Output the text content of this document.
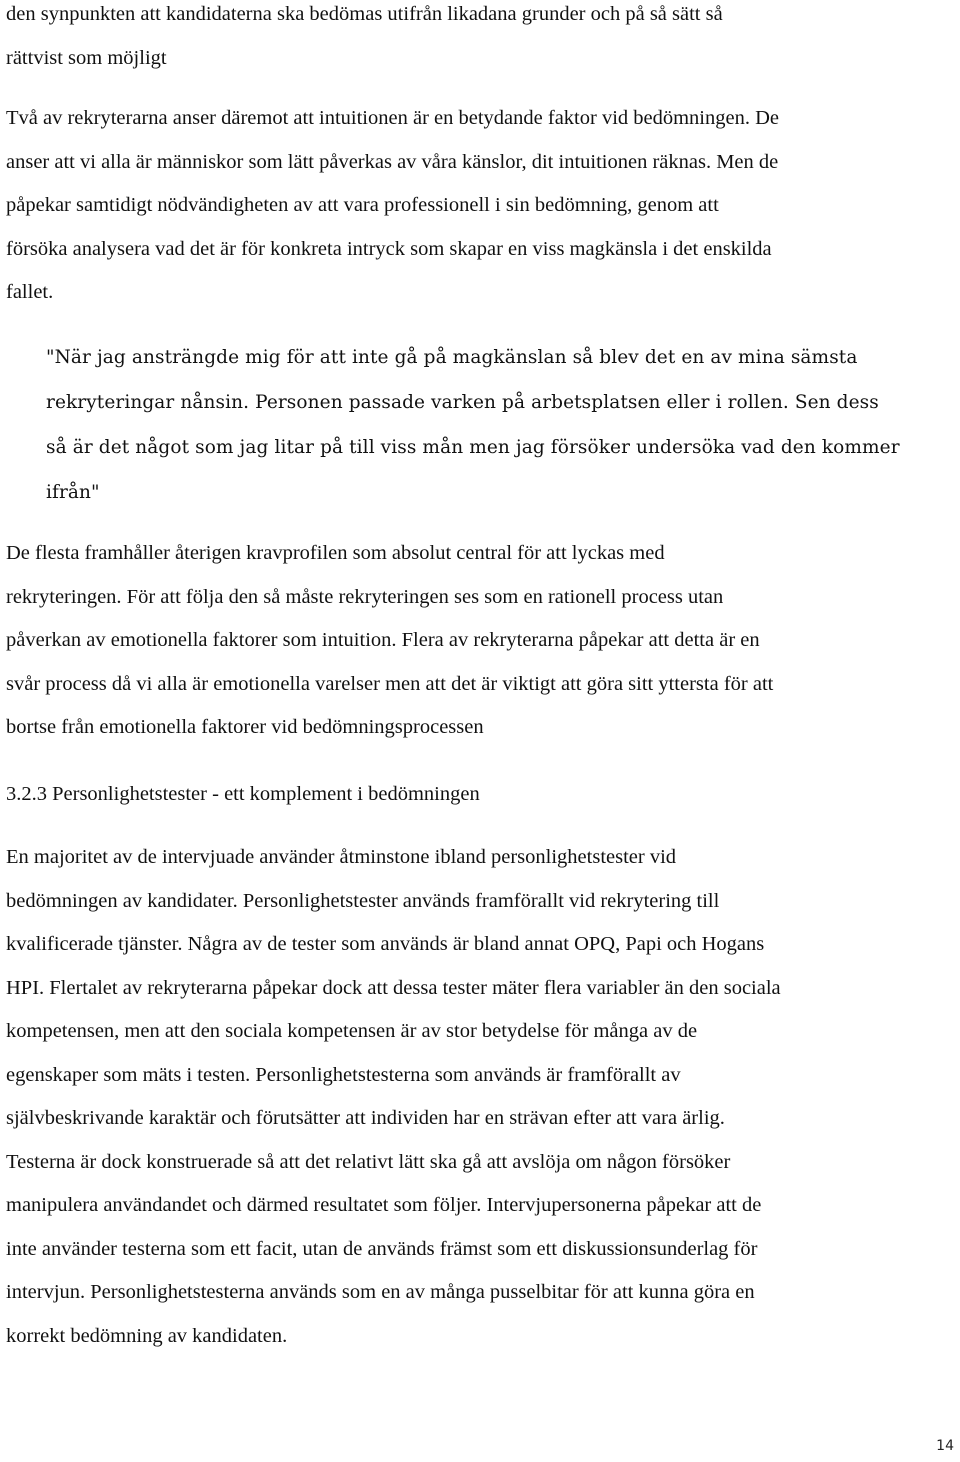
den synpunkten att kandidaterna ska bedömas utifrån likadana grunder och på så sätt så
rättvist som möjligt

Två av rekryterarna anser däremot att intuitionen är en betydande faktor vid bedömningen. De
anser att vi alla är människor som lätt påverkas av våra känslor, dit intuitionen räknas. Men de
påpekar samtidigt nödvändigheten av att vara professionell i sin bedömning, genom att
försöka analysera vad det är för konkreta intryck som skapar en viss magkänsla i det enskilda
fallet.

"När jag ansträngde mig för att inte gå på magkänslan så blev det en av mina sämsta
rekryteringar nånsin. Personen passade varken på arbetsplatsen eller i rollen. Sen dess
så är det något som jag litar på till viss mån men jag försöker undersöka vad den kommer
ifrån"

De flesta framhåller återigen kravprofilen som absolut central för att lyckas med
rekryteringen. För att följa den så måste rekryteringen ses som en rationell process utan
påverkan av emotionella faktorer som intuition. Flera av rekryterarna påpekar att detta är en
svår process då vi alla är emotionella varelser men att det är viktigt att göra sitt yttersta för att
bortse från emotionella faktorer vid bedömningsprocessen

3.2.3 Personlighetstester - ett komplement i bedömningen

En majoritet av de intervjuade använder åtminstone ibland personlighetstester vid
bedömningen av kandidater. Personlighetstester används framförallt vid rekrytering till
kvalificerade tjänster. Några av de tester som används är bland annat OPQ, Papi och Hogans
HPI. Flertalet av rekryterarna påpekar dock att dessa tester mäter flera variabler än den sociala
kompetensen, men att den sociala kompetensen är av stor betydelse för många av de
egenskaper som mäts i testen. Personlighetstesterna som används är framförallt av
självbeskrivande karaktär och förutsätter att individen har en strävan efter att vara ärlig.
Testerna är dock konstruerade så att det relativt lätt ska gå att avslöja om någon försöker
manipulera användandet och därmed resultatet som följer. Intervjupersonerna påpekar att de
inte använder testerna som ett facit, utan de används främst som ett diskussionsunderlag för
intervjun. Personlighetstesterna används som en av många pusselbitar för att kunna göra en
korrekt bedömning av kandidaten.

14
